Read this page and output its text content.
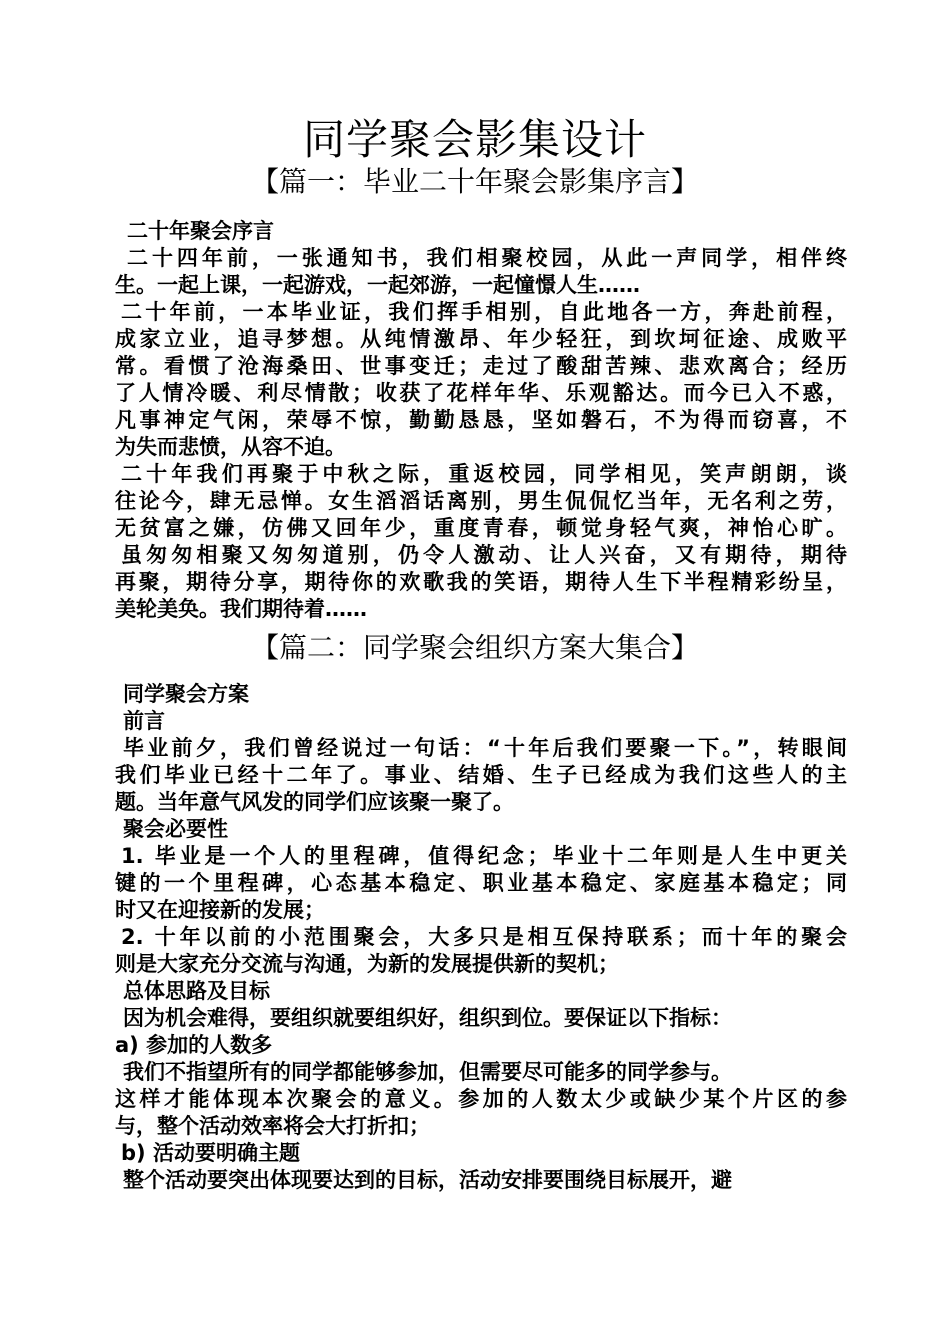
同学聚会影集设计
【篇一：毕业二十年聚会影集序言】
二十年聚会序言
二十四年前，一张通知书，我们相聚校园，从此一声同学，相伴终
生。一起上课，一起游戏，一起郊游，一起憧憬人生……
二十年前，一本毕业证，我们挥手相别，自此地各一方，奔赴前程，
成家立业，追寻梦想。从纯情激昂、年少轻狂，到坎坷征途、成败平
常。看惯了沧海桑田、世事变迁；走过了酸甜苦辣、悲欢离合；经历
了人情冷暖、利尽情散；收获了花样年华、乐观豁达。而今已入不惑，
凡事神定气闲，荣辱不惊，勤勤恳恳，坚如磐石，不为得而窃喜，不
为失而悲愤，从容不迫。
二十年我们再聚于中秋之际，重返校园，同学相见，笑声朗朗，谈
往论今，肆无忌惮。女生滔滔话离别，男生侃侃忆当年，无名利之劳，
无贫富之嫌，仿佛又回年少，重度青春，顿觉身轻气爽，神怡心旷。
虽匆匆相聚又匆匆道别，仍令人激动、让人兴奋，又有期待，期待
再聚，期待分享，期待你的欢歌我的笑语，期待人生下半程精彩纷呈，
美轮美奂。我们期待着……
【篇二：同学聚会组织方案大集合】
同学聚会方案
前言
毕业前夕，我们曾经说过一句话：“十年后我们要聚一下。”，转眼间
我们毕业已经十二年了。事业、结婚、生子已经成为我们这些人的主
题。当年意气风发的同学们应该聚一聚了。
聚会必要性
1. 毕业是一个人的里程碑，值得纪念；毕业十二年则是人生中更关
键的一个里程碑，心态基本稳定、职业基本稳定、家庭基本稳定；同
时又在迎接新的发展；
2. 十年以前的小范围聚会，大多只是相互保持联系；而十年的聚会
则是大家充分交流与沟通，为新的发展提供新的契机；
总体思路及目标
因为机会难得，要组织就要组织好，组织到位。要保证以下指标：
a) 参加的人数多
我们不指望所有的同学都能够参加，但需要尽可能多的同学参与。
这样才能体现本次聚会的意义。参加的人数太少或缺少某个片区的参
与，整个活动效率将会大打折扣；
b) 活动要明确主题
整个活动要突出体现要达到的目标，活动安排要围绕目标展开，避
